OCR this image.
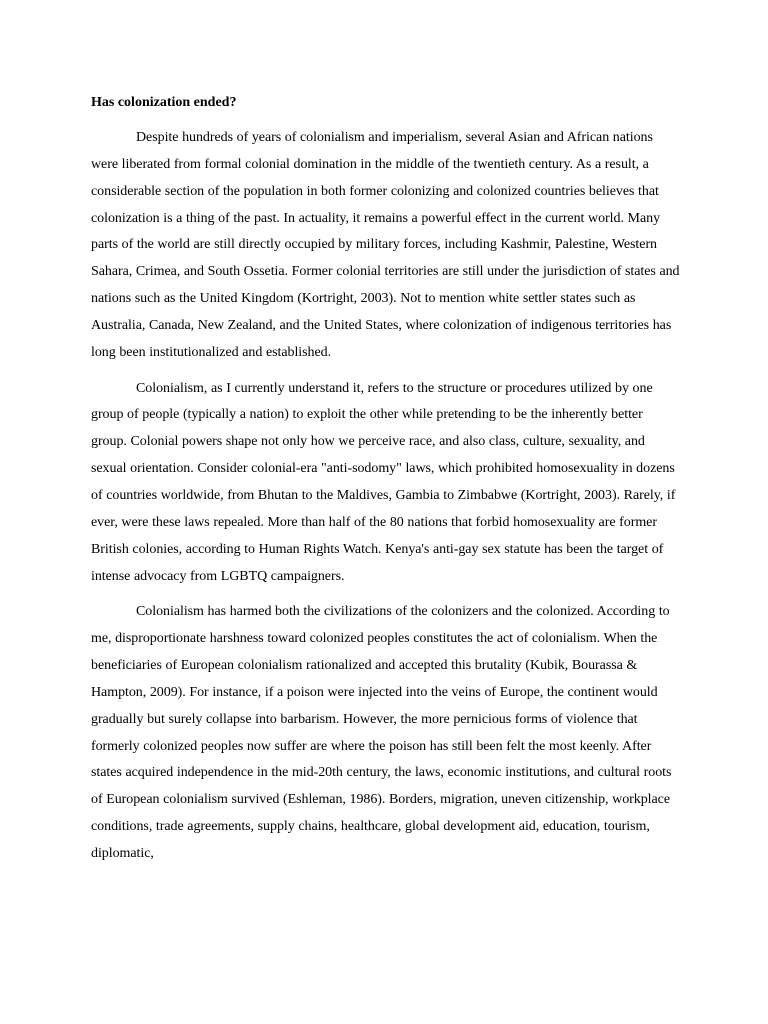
Has colonization ended?

Despite hundreds of years of colonialism and imperialism, several Asian and African nations were liberated from formal colonial domination in the middle of the twentieth century. As a result, a considerable section of the population in both former colonizing and colonized countries believes that colonization is a thing of the past. In actuality, it remains a powerful effect in the current world. Many parts of the world are still directly occupied by military forces, including Kashmir, Palestine, Western Sahara, Crimea, and South Ossetia. Former colonial territories are still under the jurisdiction of states and nations such as the United Kingdom (Kortright, 2003). Not to mention white settler states such as Australia, Canada, New Zealand, and the United States, where colonization of indigenous territories has long been institutionalized and established.

Colonialism, as I currently understand it, refers to the structure or procedures utilized by one group of people (typically a nation) to exploit the other while pretending to be the inherently better group. Colonial powers shape not only how we perceive race, and also class, culture, sexuality, and sexual orientation. Consider colonial-era "anti-sodomy" laws, which prohibited homosexuality in dozens of countries worldwide, from Bhutan to the Maldives, Gambia to Zimbabwe (Kortright, 2003). Rarely, if ever, were these laws repealed. More than half of the 80 nations that forbid homosexuality are former British colonies, according to Human Rights Watch. Kenya's anti-gay sex statute has been the target of intense advocacy from LGBTQ campaigners.

Colonialism has harmed both the civilizations of the colonizers and the colonized. According to me, disproportionate harshness toward colonized peoples constitutes the act of colonialism. When the beneficiaries of European colonialism rationalized and accepted this brutality (Kubik, Bourassa & Hampton, 2009). For instance, if a poison were injected into the veins of Europe, the continent would gradually but surely collapse into barbarism. However, the more pernicious forms of violence that formerly colonized peoples now suffer are where the poison has still been felt the most keenly. After states acquired independence in the mid-20th century, the laws, economic institutions, and cultural roots of European colonialism survived (Eshleman, 1986). Borders, migration, uneven citizenship, workplace conditions, trade agreements, supply chains, healthcare, global development aid, education, tourism, diplomatic,
